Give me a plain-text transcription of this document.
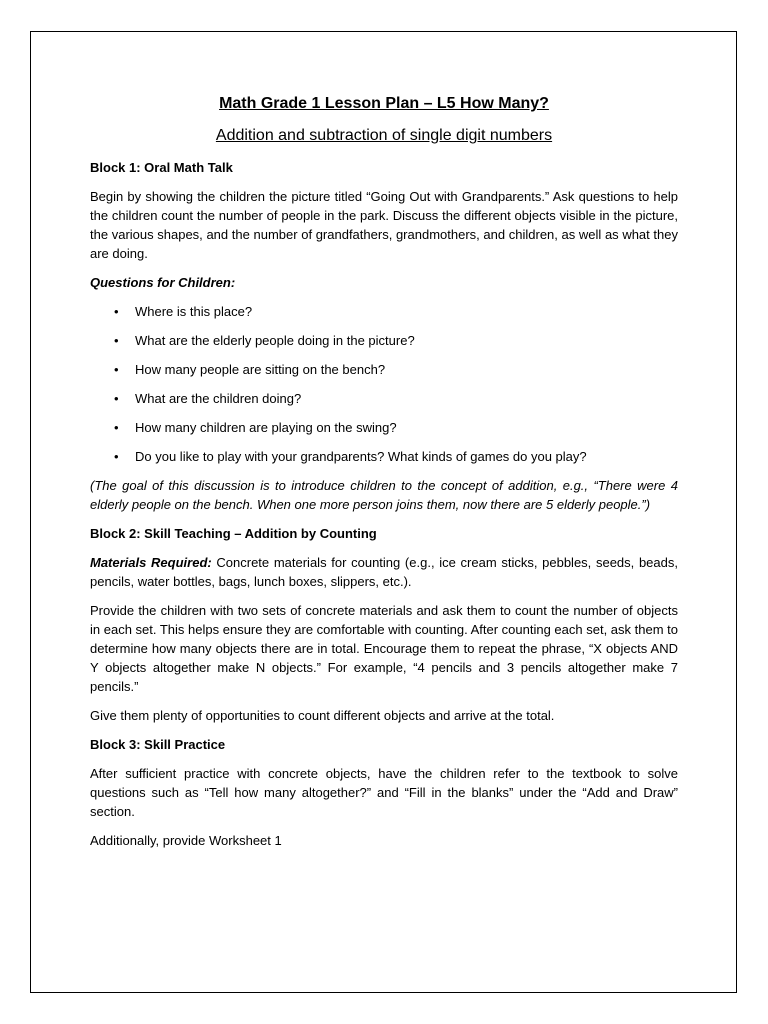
Math Grade 1 Lesson Plan – L5 How Many?
Addition and subtraction of single digit numbers
Block 1: Oral Math Talk

Begin by showing the children the picture titled “Going Out with Grandparents.” Ask questions to help the children count the number of people in the park. Discuss the different objects visible in the picture, the various shapes, and the number of grandfathers, grandmothers, and children, as well as what they are doing.

Questions for Children:
• Where is this place?
• What are the elderly people doing in the picture?
• How many people are sitting on the bench?
• What are the children doing?
• How many children are playing on the swing?
• Do you like to play with your grandparents? What kinds of games do you play?

(The goal of this discussion is to introduce children to the concept of addition, e.g., “There were 4 elderly people on the bench. When one more person joins them, now there are 5 elderly people.”)

Block 2: Skill Teaching – Addition by Counting

Materials Required: Concrete materials for counting (e.g., ice cream sticks, pebbles, seeds, beads, pencils, water bottles, bags, lunch boxes, slippers, etc.).

Provide the children with two sets of concrete materials and ask them to count the number of objects in each set. This helps ensure they are comfortable with counting. After counting each set, ask them to determine how many objects there are in total. Encourage them to repeat the phrase, “X objects AND Y objects altogether make N objects.” For example, “4 pencils and 3 pencils altogether make 7 pencils.”

Give them plenty of opportunities to count different objects and arrive at the total.

Block 3: Skill Practice

After sufficient practice with concrete objects, have the children refer to the textbook to solve questions such as “Tell how many altogether?” and “Fill in the blanks” under the “Add and Draw” section.

Additionally, provide Worksheet 1
